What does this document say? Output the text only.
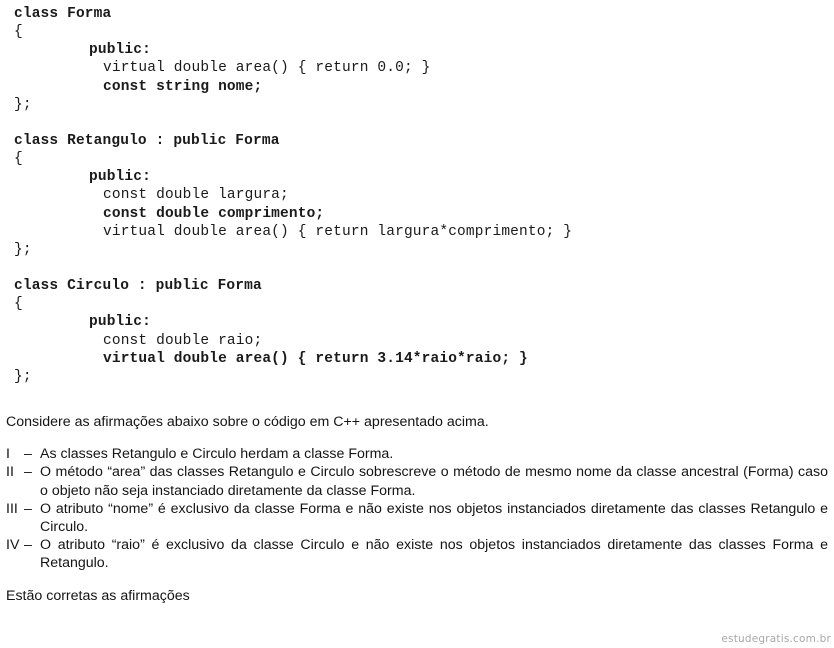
class Forma
{
public:
virtual double area() { return 0.0; }
const string nome;
};
class Retangulo : public Forma
{
public:
const double largura;
const double comprimento;
virtual double area() { return largura*comprimento; }
};
class Circulo : public Forma
{
public:
const double raio;
virtual double area() { return 3.14*raio*raio; }
};

Considere as afirmações abaixo sobre o código em C++ apresentado acima.

I – As classes Retangulo e Circulo herdam a classe Forma.
II – O método “area” das classes Retangulo e Circulo sobrescreve o método de mesmo nome da classe ancestral (Forma) caso o objeto não seja instanciado diretamente da classe Forma.
III – O atributo “nome” é exclusivo da classe Forma e não existe nos objetos instanciados diretamente das classes Retangulo e Circulo.
IV – O atributo “raio” é exclusivo da classe Circulo e não existe nos objetos instanciados diretamente das classes Forma e Retangulo.

Estão corretas as afirmações

estudegratis.com.br
